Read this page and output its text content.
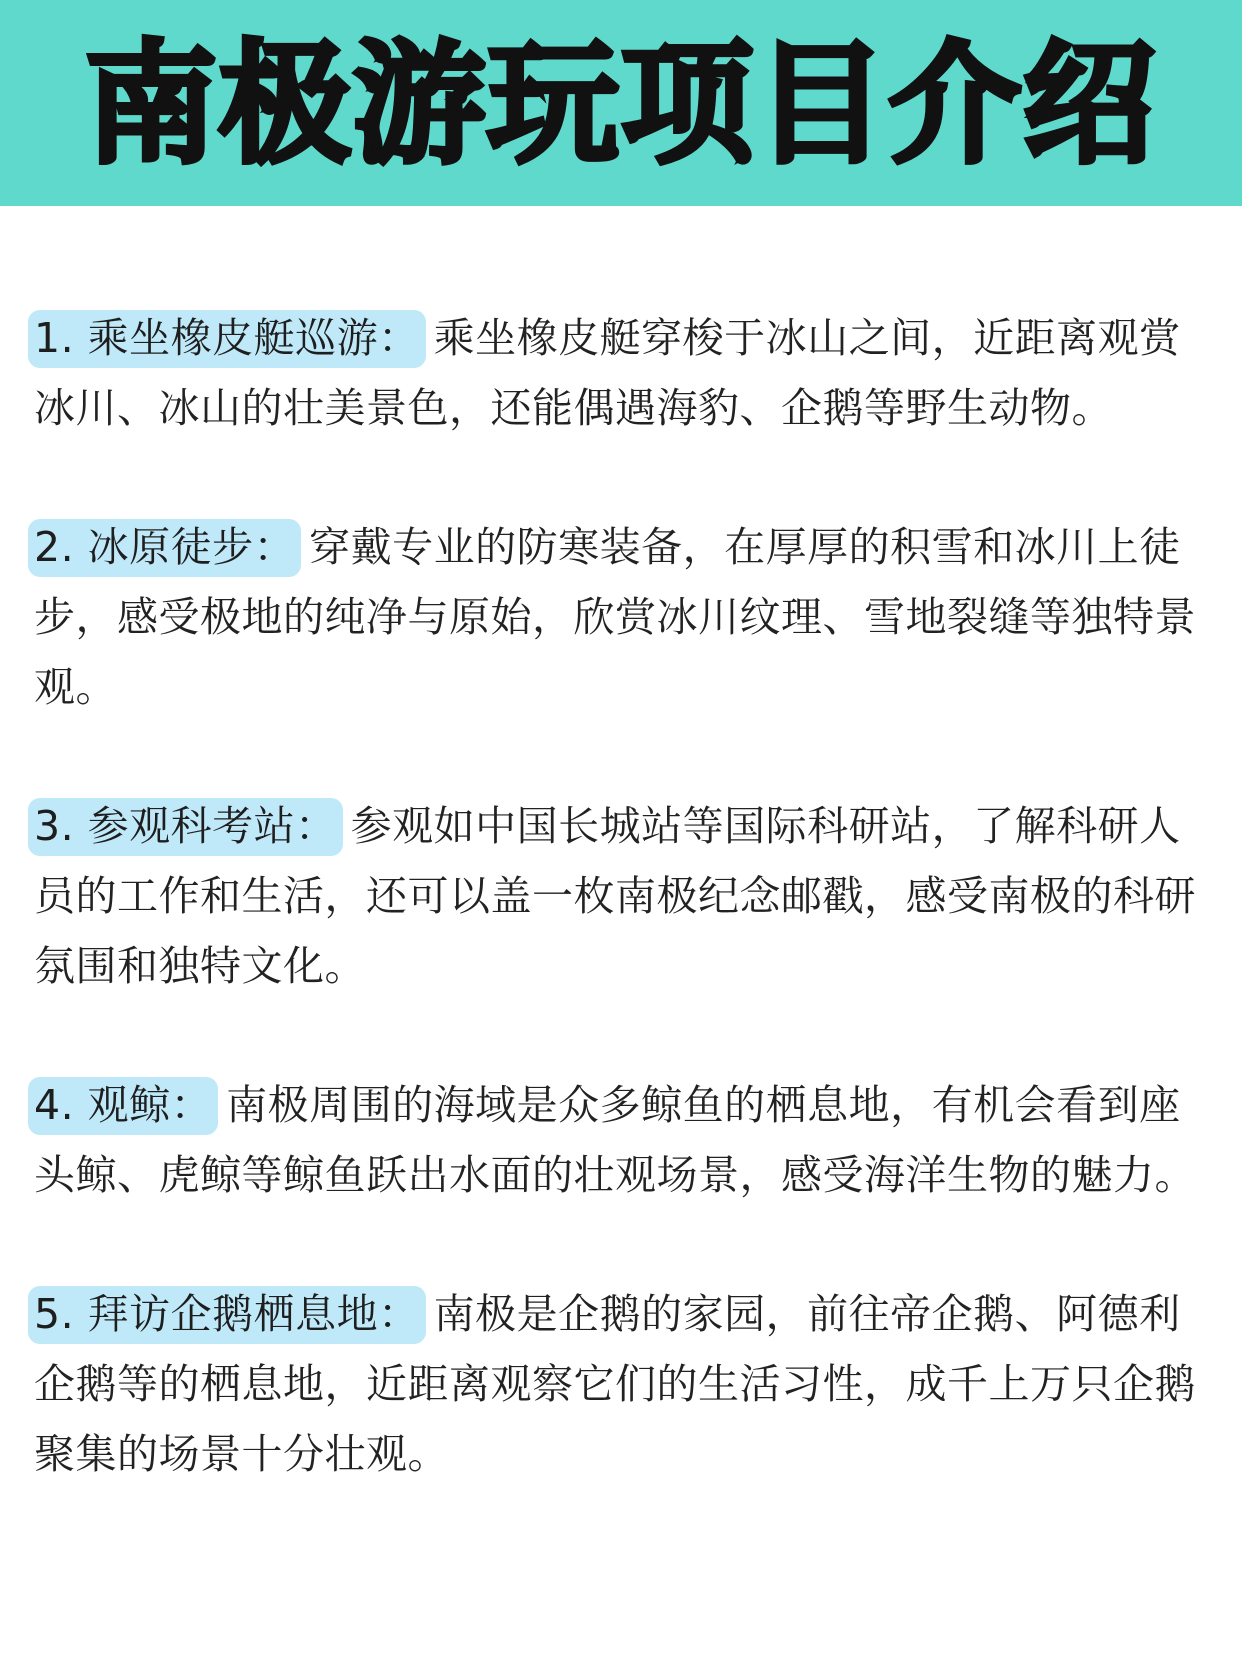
南极游玩项目介绍

1. 乘坐橡皮艇巡游： 乘坐橡皮艇穿梭于冰山之间，近距离观赏冰川、冰山的壮美景色，还能偶遇海豹、企鹅等野生动物。

2. 冰原徒步： 穿戴专业的防寒装备，在厚厚的积雪和冰川上徒步，感受极地的纯净与原始，欣赏冰川纹理、雪地裂缝等独特景观。

3. 参观科考站： 参观如中国长城站等国际科研站，了解科研人员的工作和生活，还可以盖一枚南极纪念邮戳，感受南极的科研氛围和独特文化。

4. 观鲸： 南极周围的海域是众多鲸鱼的栖息地，有机会看到座头鲸、虎鲸等鲸鱼跃出水面的壮观场景，感受海洋生物的魅力。

5. 拜访企鹅栖息地： 南极是企鹅的家园，前往帝企鹅、阿德利企鹅等的栖息地，近距离观察它们的生活习性，成千上万只企鹅聚集的场景十分壮观。
